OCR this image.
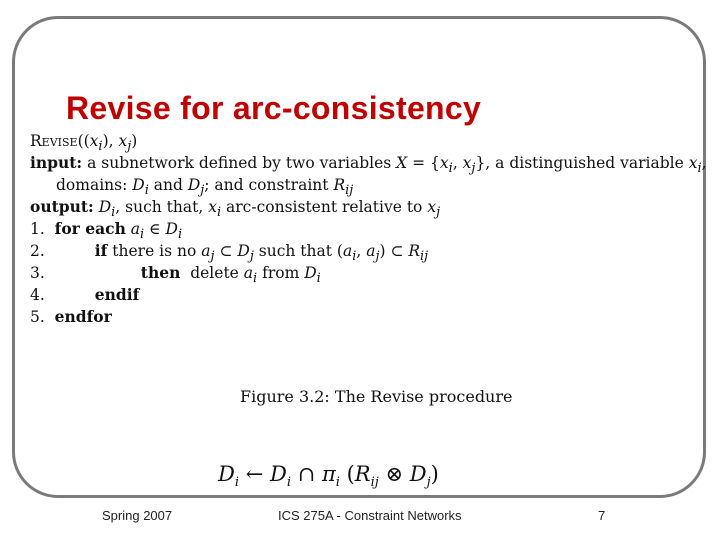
Revise for arc-consistency
$Revise((x_i)$, $x_j$)
input: a subnetwork defined by two variables $X = \{x_i$, $x_j$}, a distinguished variable $x_i$,
domains: $D_i$ and $D_j$; and constraint $R_{ij}$
output: $D_i$, such that, $x_i$ arc-consistent relative to $x_j$
1.  for each $a_i$ ∈ $D_i$
2.	if there is no $a_j$ ⊂ $D_j$ such that ($a_i$, $a_j$) ⊂ $R_{ij}$
3.	then  delete $a_i$ from $D_i$
4.	endif
5.  endfor
Figure 3.2: The Revise procedure
$D_i$ ← $D_i$ ∩ $\pi_i$ ($R_{ij}$ ⊗ $D_j$)
Spring 2007	ICS 275A - Constraint Networks	7
